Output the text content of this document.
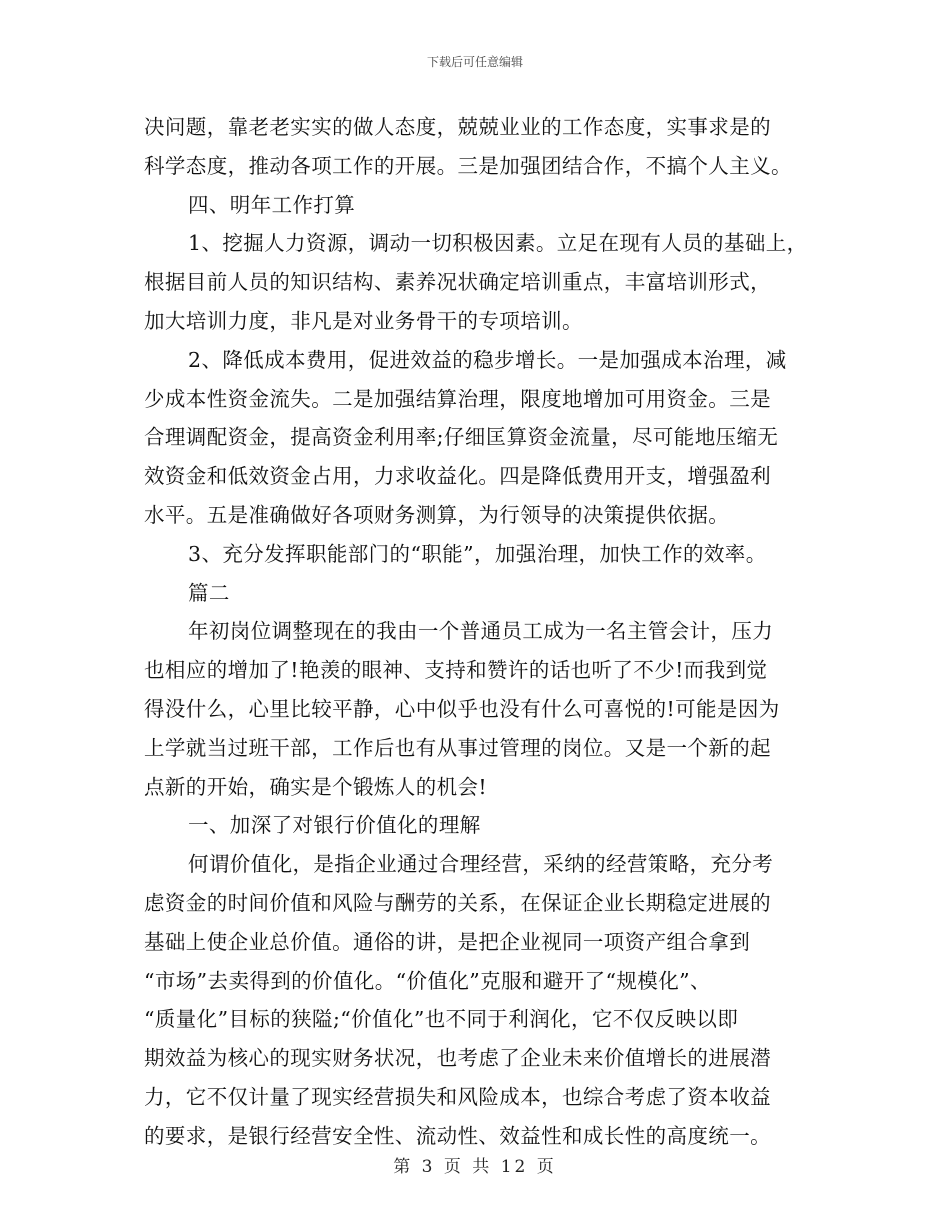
下载后可任意编辑
决问题，靠老老实实的做人态度，兢兢业业的工作态度，实事求是的
科学态度，推动各项工作的开展。三是加强团结合作，不搞个人主义。
四、明年工作打算
1、挖掘人力资源，调动一切积极因素。立足在现有人员的基础上，
根据目前人员的知识结构、素养况状确定培训重点，丰富培训形式，
加大培训力度，非凡是对业务骨干的专项培训。
2、降低成本费用，促进效益的稳步增长。一是加强成本治理，减
少成本性资金流失。二是加强结算治理，限度地增加可用资金。三是
合理调配资金，提高资金利用率;仔细匡算资金流量，尽可能地压缩无
效资金和低效资金占用，力求收益化。四是降低费用开支，增强盈利
水平。五是准确做好各项财务测算，为行领导的决策提供依据。
3、充分发挥职能部门的“职能”，加强治理，加快工作的效率。
篇二
年初岗位调整现在的我由一个普通员工成为一名主管会计，压力
也相应的增加了!艳羡的眼神、支持和赞许的话也听了不少!而我到觉
得没什么，心里比较平静，心中似乎也没有什么可喜悦的!可能是因为
上学就当过班干部，工作后也有从事过管理的岗位。又是一个新的起
点新的开始，确实是个锻炼人的机会!
一、加深了对银行价值化的理解
何谓价值化，是指企业通过合理经营，采纳的经营策略，充分考
虑资金的时间价值和风险与酬劳的关系，在保证企业长期稳定进展的
基础上使企业总价值。通俗的讲，是把企业视同一项资产组合拿到
“市场”去卖得到的价值化。“价值化”克服和避开了“规模化”、
“质量化”目标的狭隘;“价值化”也不同于利润化，它不仅反映以即
期效益为核心的现实财务状况，也考虑了企业未来价值增长的进展潜
力，它不仅计量了现实经营损失和风险成本，也综合考虑了资本收益
的要求，是银行经营安全性、流动性、效益性和成长性的高度统一。
第 3 页 共 12 页
